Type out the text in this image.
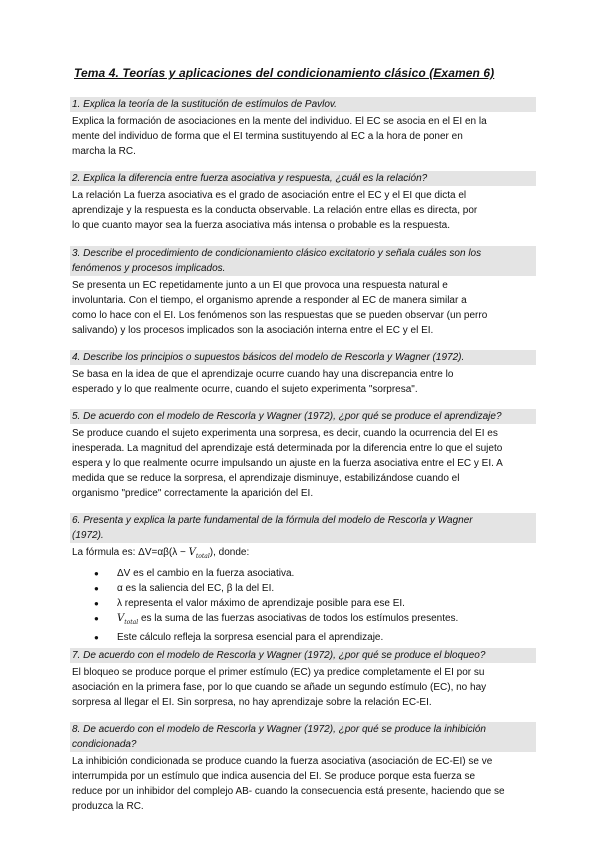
Tema 4. Teorías y aplicaciones del condicionamiento clásico (Examen 6)
1. Explica la teoría de la sustitución de estímulos de Pavlov.
Explica la formación de asociaciones en la mente del individuo. El EC se asocia en el EI en la
mente del individuo de forma que el EI termina sustituyendo al EC a la hora de poner en
marcha la RC.
2. Explica la diferencia entre fuerza asociativa y respuesta, ¿cuál es la relación?
La relación La fuerza asociativa es el grado de asociación entre el EC y el EI que dicta el
aprendizaje y la respuesta es la conducta observable. La relación entre ellas es directa, por
lo que cuanto mayor sea la fuerza asociativa más intensa o probable es la respuesta.
3. Describe el procedimiento de condicionamiento clásico excitatorio y señala cuáles son los
fenómenos y procesos implicados.
Se presenta un EC repetidamente junto a un EI que provoca una respuesta natural e
involuntaria. Con el tiempo, el organismo aprende a responder al EC de manera similar a
como lo hace con el EI. Los fenómenos son las respuestas que se pueden observar (un perro
salivando) y los procesos implicados son la asociación interna entre el EC y el EI.
4. Describe los principios o supuestos básicos del modelo de Rescorla y Wagner (1972).
Se basa en la idea de que el aprendizaje ocurre cuando hay una discrepancia entre lo
esperado y lo que realmente ocurre, cuando el sujeto experimenta "sorpresa".
5. De acuerdo con el modelo de Rescorla y Wagner (1972), ¿por qué se produce el aprendizaje?
Se produce cuando el sujeto experimenta una sorpresa, es decir, cuando la ocurrencia del EI es
inesperada. La magnitud del aprendizaje está determinada por la diferencia entre lo que el sujeto
espera y lo que realmente ocurre impulsando un ajuste en la fuerza asociativa entre el EC y EI. A
medida que se reduce la sorpresa, el aprendizaje disminuye, estabilizándose cuando el
organismo "predice" correctamente la aparición del EI.
6. Presenta y explica la parte fundamental de la fórmula del modelo de Rescorla y Wagner
(1972).
La fórmula es: $\Delta V=\alpha\beta(\lambda - V_{total})$, donde:
● ΔV es el cambio en la fuerza asociativa.
● α es la saliencia del EC, β la del EI.
● λ representa el valor máximo de aprendizaje posible para ese EI.
● $V_{total}$ es la suma de las fuerzas asociativas de todos los estímulos presentes.
● Este cálculo refleja la sorpresa esencial para el aprendizaje.
7. De acuerdo con el modelo de Rescorla y Wagner (1972), ¿por qué se produce el bloqueo?
El bloqueo se produce porque el primer estímulo (EC) ya predice completamente el EI por su
asociación en la primera fase, por lo que cuando se añade un segundo estímulo (EC), no hay
sorpresa al llegar el EI. Sin sorpresa, no hay aprendizaje sobre la relación EC-EI.
8. De acuerdo con el modelo de Rescorla y Wagner (1972), ¿por qué se produce la inhibición
condicionada?
La inhibición condicionada se produce cuando la fuerza asociativa (asociación de EC-EI) se ve
interrumpida por un estímulo que indica ausencia del EI. Se produce porque esta fuerza se
reduce por un inhibidor del complejo AB- cuando la consecuencia está presente, haciendo que se
produzca la RC.
